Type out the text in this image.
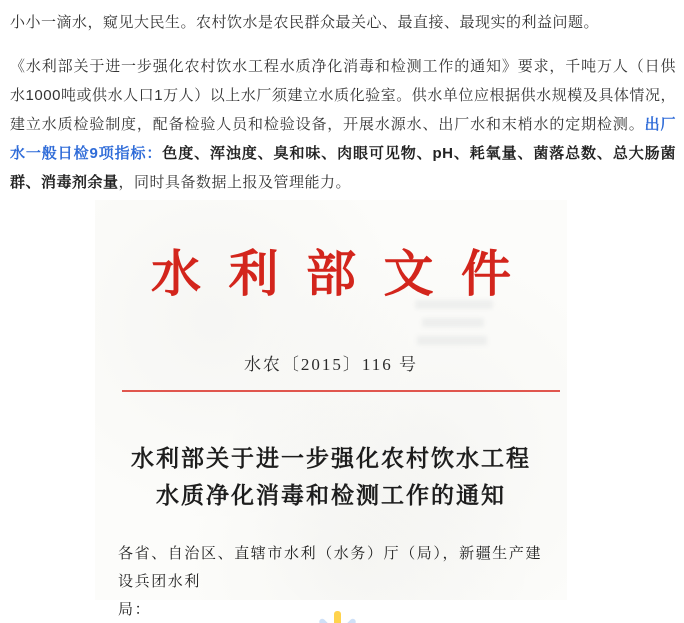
小小一滴水，窥见大民生。农村饮水是农民群众最关心、最直接、最现实的利益问题。

《水利部关于进一步强化农村饮水工程水质净化消毒和检测工作的通知》要求，千吨万人（日供水1000吨或供水人口1万人）以上水厂须建立水质化验室。供水单位应根据供水规模及具体情况，建立水质检验制度，配备检验人员和检验设备，开展水源水、出厂水和末梢水的定期检测。出厂水一般日检9项指标：色度、浑浊度、臭和味、肉眼可见物、pH、耗氧量、菌落总数、总大肠菌群、消毒剂余量，同时具备数据上报及管理能力。

水利部文件
水农〔2015〕116 号
水利部关于进一步强化农村饮水工程
水质净化消毒和检测工作的通知
各省、自治区、直辖市水利（水务）厅（局），新疆生产建设兵团水利
局：
